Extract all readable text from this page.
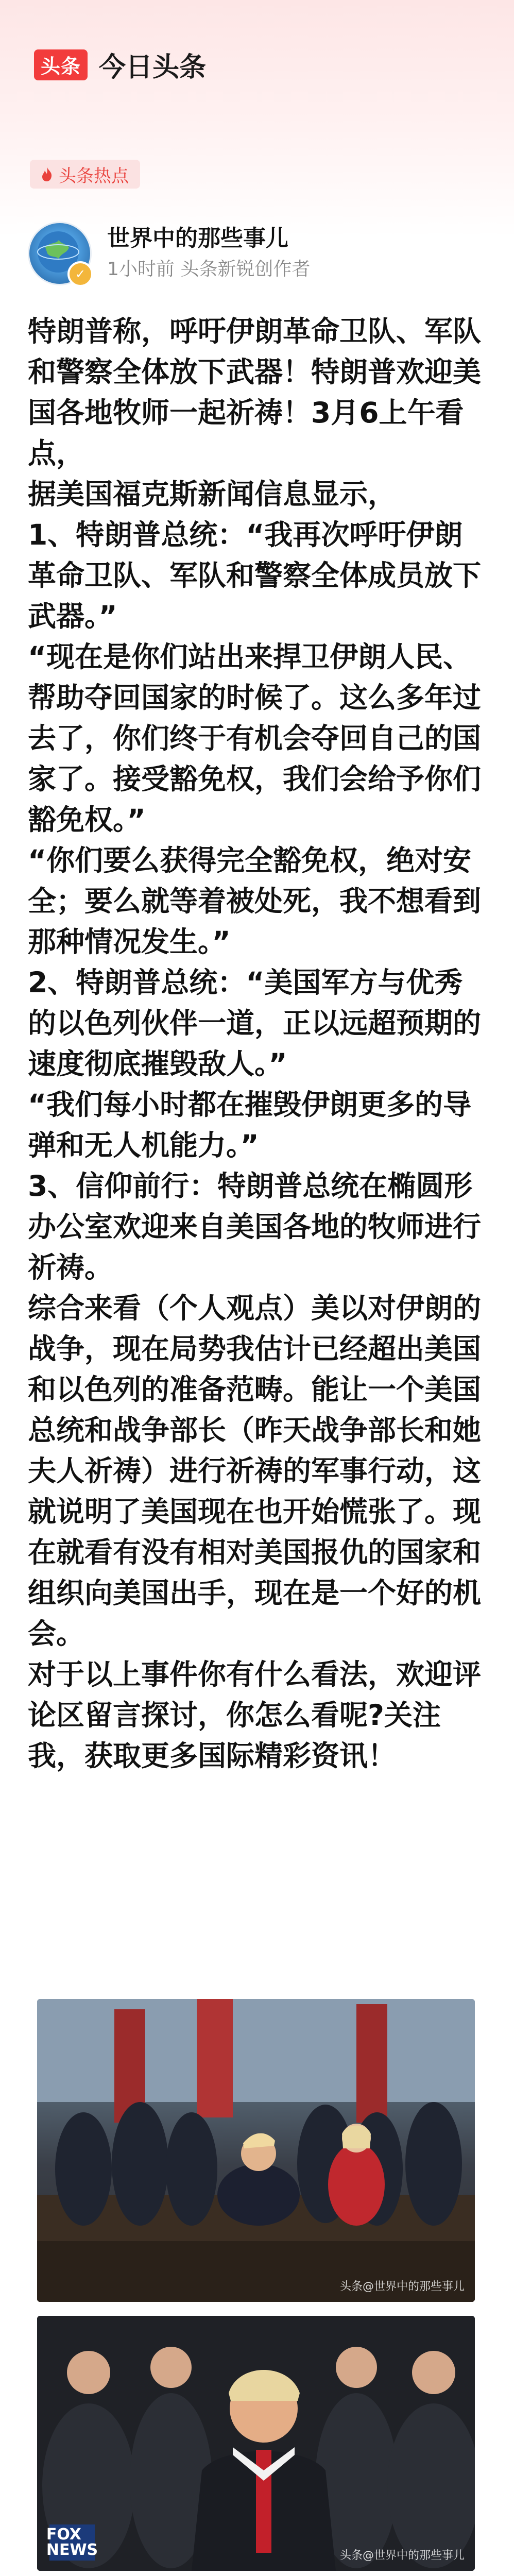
头条 今日头条
头条热点
✓
世界中的那些事儿
1小时前 头条新锐创作者

特朗普称，呼吁伊朗革命卫队、军队和警察全体放下武器！特朗普欢迎美国各地牧师一起祈祷！3月6上午看点，

据美国福克斯新闻信息显示，

1、特朗普总统：“我再次呼吁伊朗革命卫队、军队和警察全体成员放下武器。”

“现在是你们站出来捍卫伊朗人民、帮助夺回国家的时候了。这么多年过去了，你们终于有机会夺回自己的国家了。接受豁免权，我们会给予你们豁免权。”

“你们要么获得完全豁免权，绝对安全；要么就等着被处死，我不想看到那种情况发生。”

2、特朗普总统：“美国军方与优秀的以色列伙伴一道，正以远超预期的速度彻底摧毁敌人。”

“我们每小时都在摧毁伊朗更多的导弹和无人机能力。”

3、信仰前行：特朗普总统在椭圆形办公室欢迎来自美国各地的牧师进行祈祷。

综合来看（个人观点）美以对伊朗的战争，现在局势我估计已经超出美国和以色列的准备范畴。能让一个美国总统和战争部长（昨天战争部长和她夫人祈祷）进行祈祷的军事行动，这就说明了美国现在也开始慌张了。现在就看有没有相对美国报仇的国家和组织向美国出手，现在是一个好的机会。

对于以上事件你有什么看法，欢迎评论区留言探讨，你怎么看呢?关注我，获取更多国际精彩资讯！

头条@世界中的那些事儿
FOX NEWS	头条@世界中的那些事儿
